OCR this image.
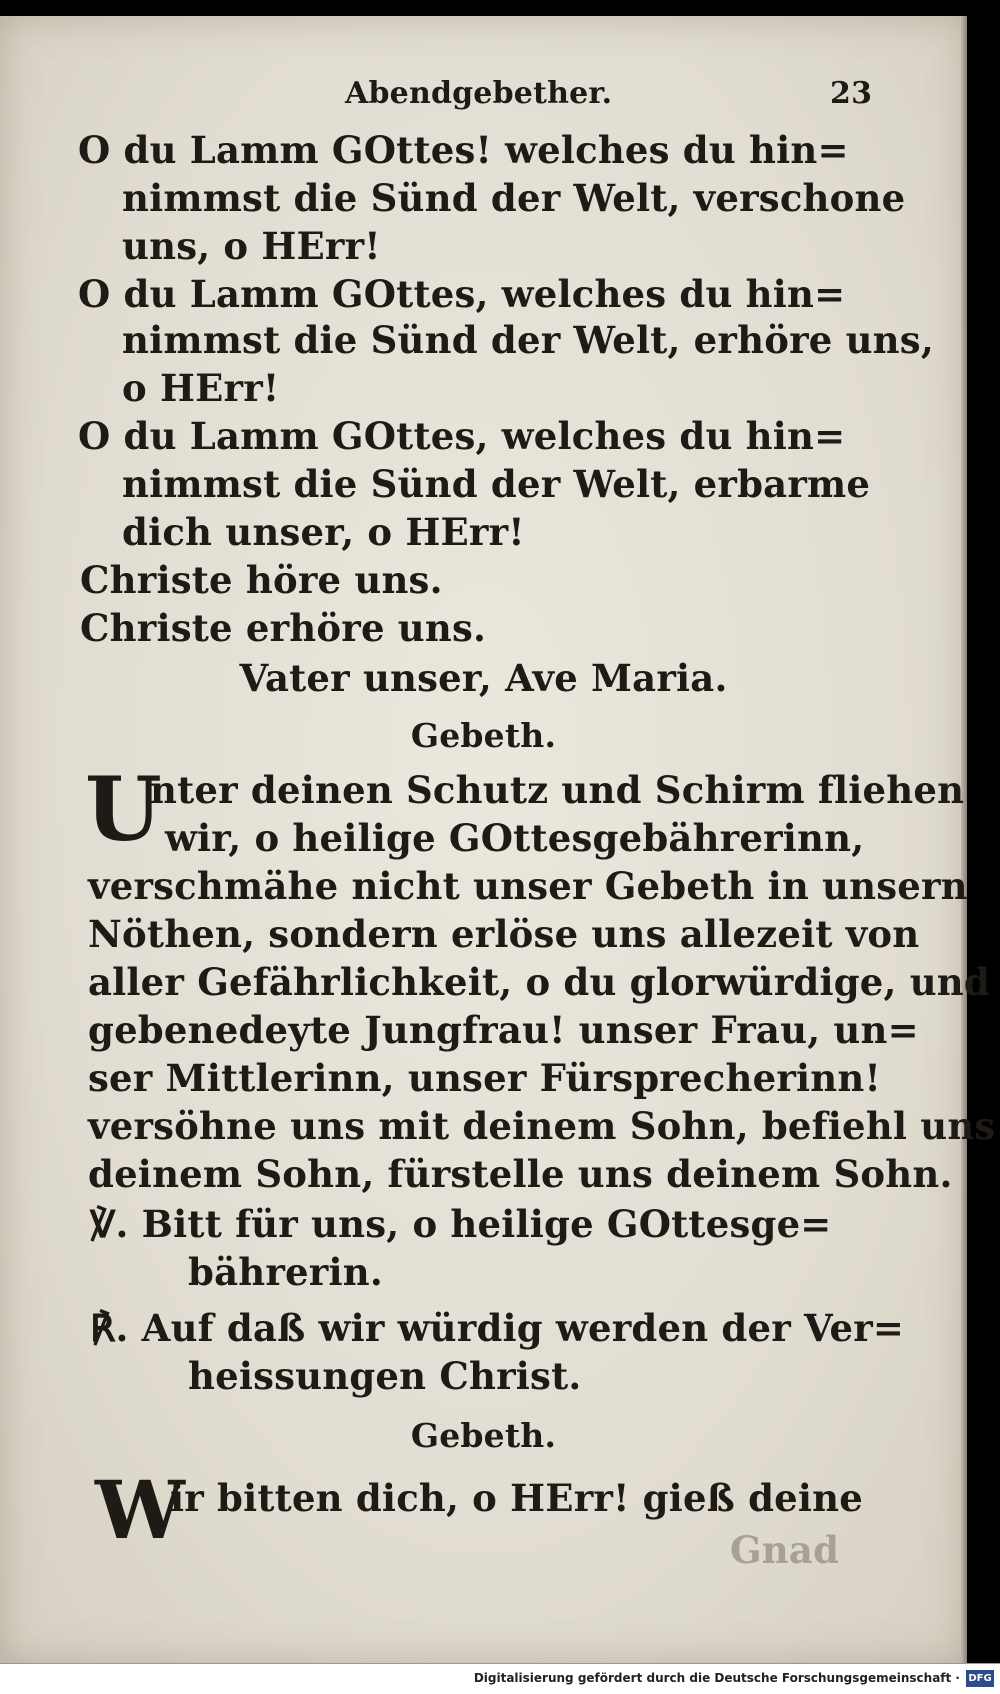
Abendgebether.	23
O du Lamm GOttes! welches du hin=
nimmst die Sünd der Welt, verschone
uns, o HErr!
O du Lamm GOttes, welches du hin=
nimmst die Sünd der Welt, erhöre uns,
o HErr!
O du Lamm GOttes, welches du hin=
nimmst die Sünd der Welt, erbarme
dich unser, o HErr!
Christe höre uns.
Christe erhöre uns.
Vater unser, Ave Maria.
Gebeth.
U
nter deinen Schutz und Schirm fliehen
wir, o heilige GOttesgebährerinn,
verschmähe nicht unser Gebeth in unsern
Nöthen, sondern erlöse uns allezeit von
aller Gefährlichkeit, o du glorwürdige, und
gebenedeyte Jungfrau! unser Frau, un=
ser Mittlerinn, unser Fürsprecherinn!
versöhne uns mit deinem Sohn, befiehl uns
deinem Sohn, fürstelle uns deinem Sohn.
℣. Bitt für uns, o heilige GOttesge=
bährerin.
℟. Auf daß wir würdig werden der Ver=
heissungen Christ.
Gebeth.
W
ir bitten dich, o HErr! gieß deine
Gnad
Digitalisierung gefördert durch die Deutsche Forschungsgemeinschaft · DFG
